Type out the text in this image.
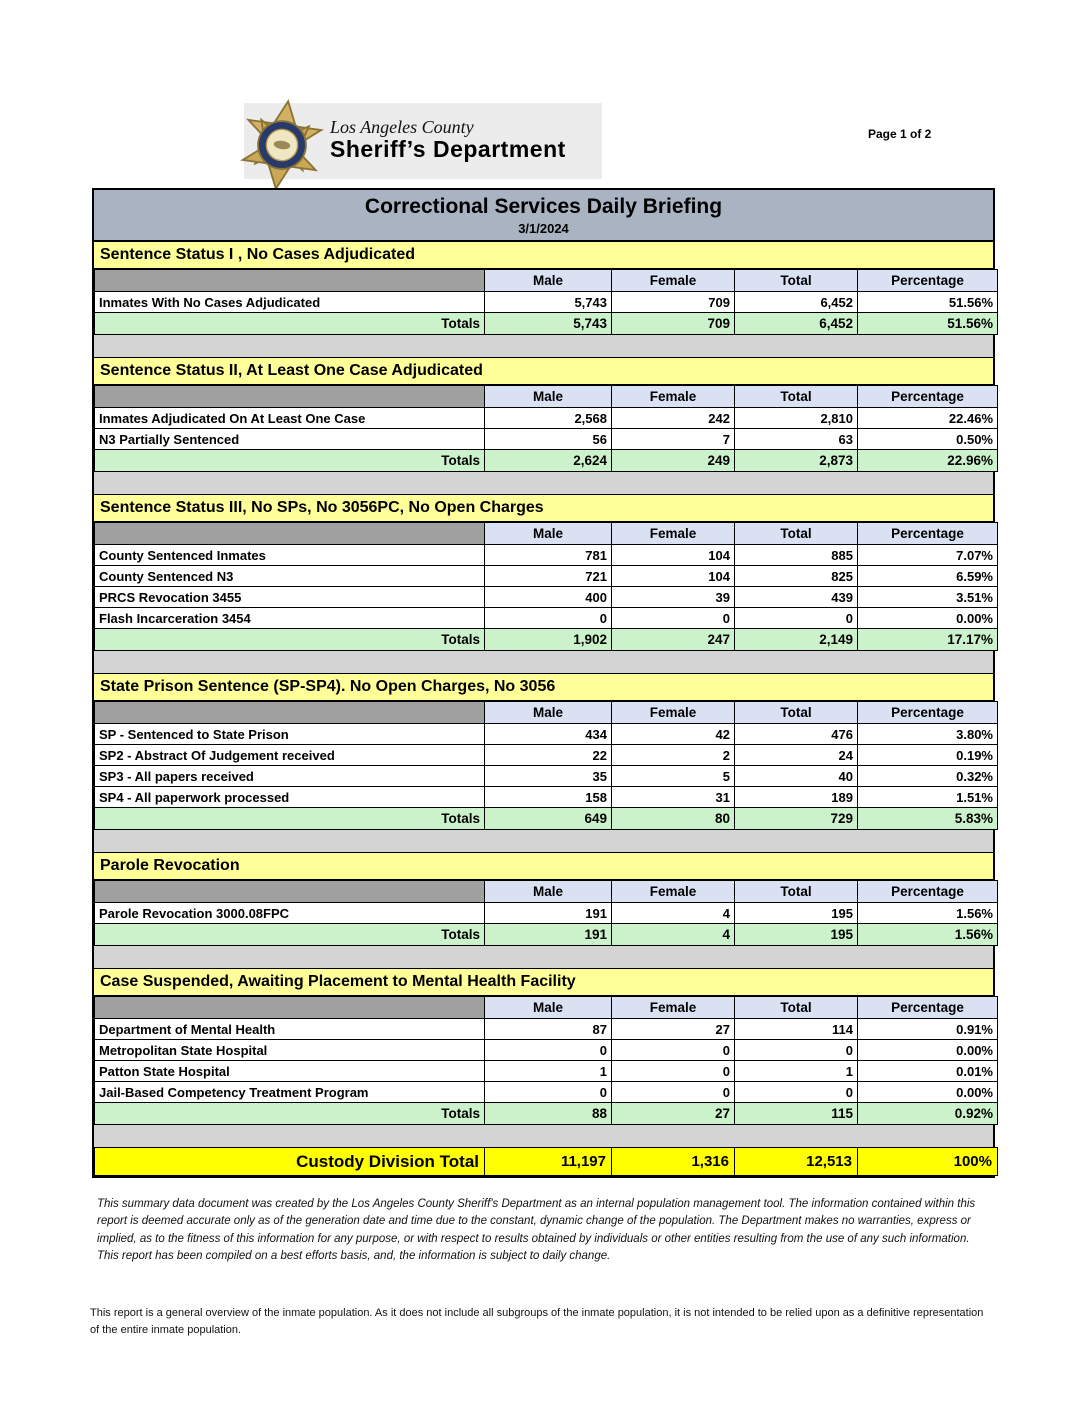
Los Angeles County
Sheriff’s Department
Page 1 of 2
Correctional Services Daily Briefing
3/1/2024
Sentence Status I , No Cases Adjudicated
	Male	Female	Total	Percentage
Inmates With No Cases Adjudicated	5,743	709	6,452	51.56%
Totals	5,743	709	6,452	51.56%
Sentence Status II, At Least One Case Adjudicated
	Male	Female	Total	Percentage
Inmates Adjudicated On At Least One Case	2,568	242	2,810	22.46%
N3 Partially Sentenced	56	7	63	0.50%
Totals	2,624	249	2,873	22.96%
Sentence Status III, No SPs, No 3056PC, No Open Charges
	Male	Female	Total	Percentage
County Sentenced Inmates	781	104	885	7.07%
County Sentenced N3	721	104	825	6.59%
PRCS Revocation 3455	400	39	439	3.51%
Flash Incarceration 3454	0	0	0	0.00%
Totals	1,902	247	2,149	17.17%
State Prison Sentence (SP-SP4). No Open Charges, No 3056
	Male	Female	Total	Percentage
SP - Sentenced to State Prison	434	42	476	3.80%
SP2 - Abstract Of Judgement received	22	2	24	0.19%
SP3 - All papers received	35	5	40	0.32%
SP4 - All paperwork processed	158	31	189	1.51%
Totals	649	80	729	5.83%
Parole Revocation
	Male	Female	Total	Percentage
Parole Revocation 3000.08FPC	191	4	195	1.56%
Totals	191	4	195	1.56%
Case Suspended, Awaiting Placement to Mental Health Facility
	Male	Female	Total	Percentage
Department of Mental Health	87	27	114	0.91%
Metropolitan State Hospital	0	0	0	0.00%
Patton State Hospital	1	0	1	0.01%
Jail-Based Competency Treatment Program	0	0	0	0.00%
Totals	88	27	115	0.92%
Custody Division Total	11,197	1,316	12,513	100%
This summary data document was created by the Los Angeles County Sheriff's Department as an internal population management tool. The information contained within this report is deemed accurate only as of the generation date and time due to the constant, dynamic change of the population. The Department makes no warranties, express or implied, as to the fitness of this information for any purpose, or with respect to results obtained by individuals or other entities resulting from the use of any such information. This report has been compiled on a best efforts basis, and, the information is subject to daily change.
This report is a general overview of the inmate population. As it does not include all subgroups of the inmate population, it is not intended to be relied upon as a definitive representation of the entire inmate population.
